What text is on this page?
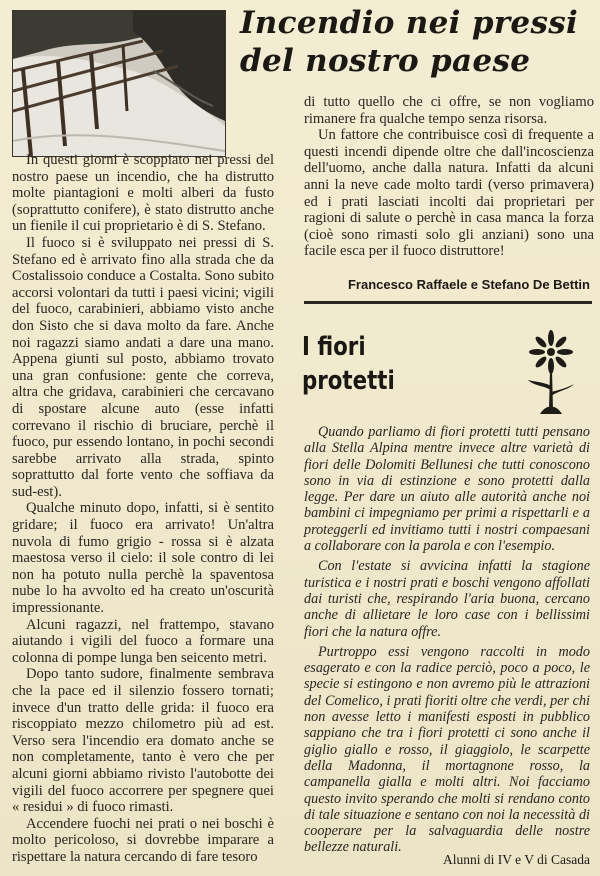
Incendio nei pressi
del nostro paese

In questi giorni è scoppiato nei pressi del nostro paese un incendio, che ha distrutto molte piantagioni e molti alberi da fusto (soprattutto conifere), è stato distrutto anche un fienile il cui proprietario è di S. Stefano.

Il fuoco si è sviluppato nei pressi di S. Stefano ed è arrivato fino alla strada che da Costalissoio conduce a Costalta. Sono subito accorsi volontari da tutti i paesi vicini; vigili del fuoco, carabinieri, abbiamo visto anche don Sisto che si dava molto da fare. Anche noi ragazzi siamo andati a dare una mano. Appena giunti sul posto, abbiamo trovato una gran confusione: gente che correva, altra che gridava, carabinieri che cercavano di spostare alcune auto (esse infatti correvano il rischio di bruciare, perchè il fuoco, pur essendo lontano, in pochi secondi sarebbe arrivato alla strada, spinto soprattutto dal forte vento che soffiava da sud-est).

Qualche minuto dopo, infatti, si è sentito gridare; il fuoco era arrivato! Un'altra nuvola di fumo grigio - rossa si è alzata maestosa verso il cielo: il sole contro di lei non ha potuto nulla perchè la spaventosa nube lo ha avvolto ed ha creato un'oscurità impressionante.

Alcuni ragazzi, nel frattempo, stavano aiutando i vigili del fuoco a formare una colonna di pompe lunga ben seicento metri.

Dopo tanto sudore, finalmente sembrava che la pace ed il silenzio fossero tornati; invece d'un tratto delle grida: il fuoco era riscoppiato mezzo chilometro più ad est. Verso sera l'incendio era domato anche se non completamente, tanto è vero che per alcuni giorni abbiamo rivisto l'autobotte dei vigili del fuoco accorrere per spegnere quei « residui » di fuoco rimasti.

Accendere fuochi nei prati o nei boschi è molto pericoloso, si dovrebbe imparare a rispettare la natura cercando di fare tesoro

di tutto quello che ci offre, se non vogliamo rimanere fra qualche tempo senza risorsa.

Un fattore che contribuisce così di frequente a questi incendi dipende oltre che dall'incoscienza dell'uomo, anche dalla natura. Infatti da alcuni anni la neve cade molto tardi (verso primavera) ed i prati lasciati incolti dai proprietari per ragioni di salute o perchè in casa manca la forza (cioè sono rimasti solo gli anziani) sono una facile esca per il fuoco distruttore!

Francesco Raffaele e Stefano De Bettin
I fiori
protetti

Quando parliamo di fiori protetti tutti pensano alla Stella Alpina mentre invece altre varietà di fiori delle Dolomiti Bellunesi che tutti conoscono sono in via di estinzione e sono protetti dalla legge. Per dare un aiuto alle autorità anche noi bambini ci impegniamo per primi a rispettarli e a proteggerli ed invitiamo tutti i nostri compaesani a collaborare con la parola e con l'esempio.

Con l'estate si avvicina infatti la stagione turistica e i nostri prati e boschi vengono affollati dai turisti che, respirando l'aria buona, cercano anche di allietare le loro case con i bellissimi fiori che la natura offre.

Purtroppo essi vengono raccolti in modo esagerato e con la radice perciò, poco a poco, le specie si estingono e non avremo più le attrazioni del Comelico, i prati fioriti oltre che verdi, per chi non avesse letto i manifesti esposti in pubblico sappiano che tra i fiori protetti ci sono anche il giglio giallo e rosso, il giaggiolo, le scarpette della Madonna, il mortagnone rosso, la campanella gialla e molti altri. Noi facciamo questo invito sperando che molti si rendano conto di tale situazione e sentano con noi la necessità di cooperare per la salvaguardia delle nostre bellezze naturali.

Alunni di IV e V di Casada
